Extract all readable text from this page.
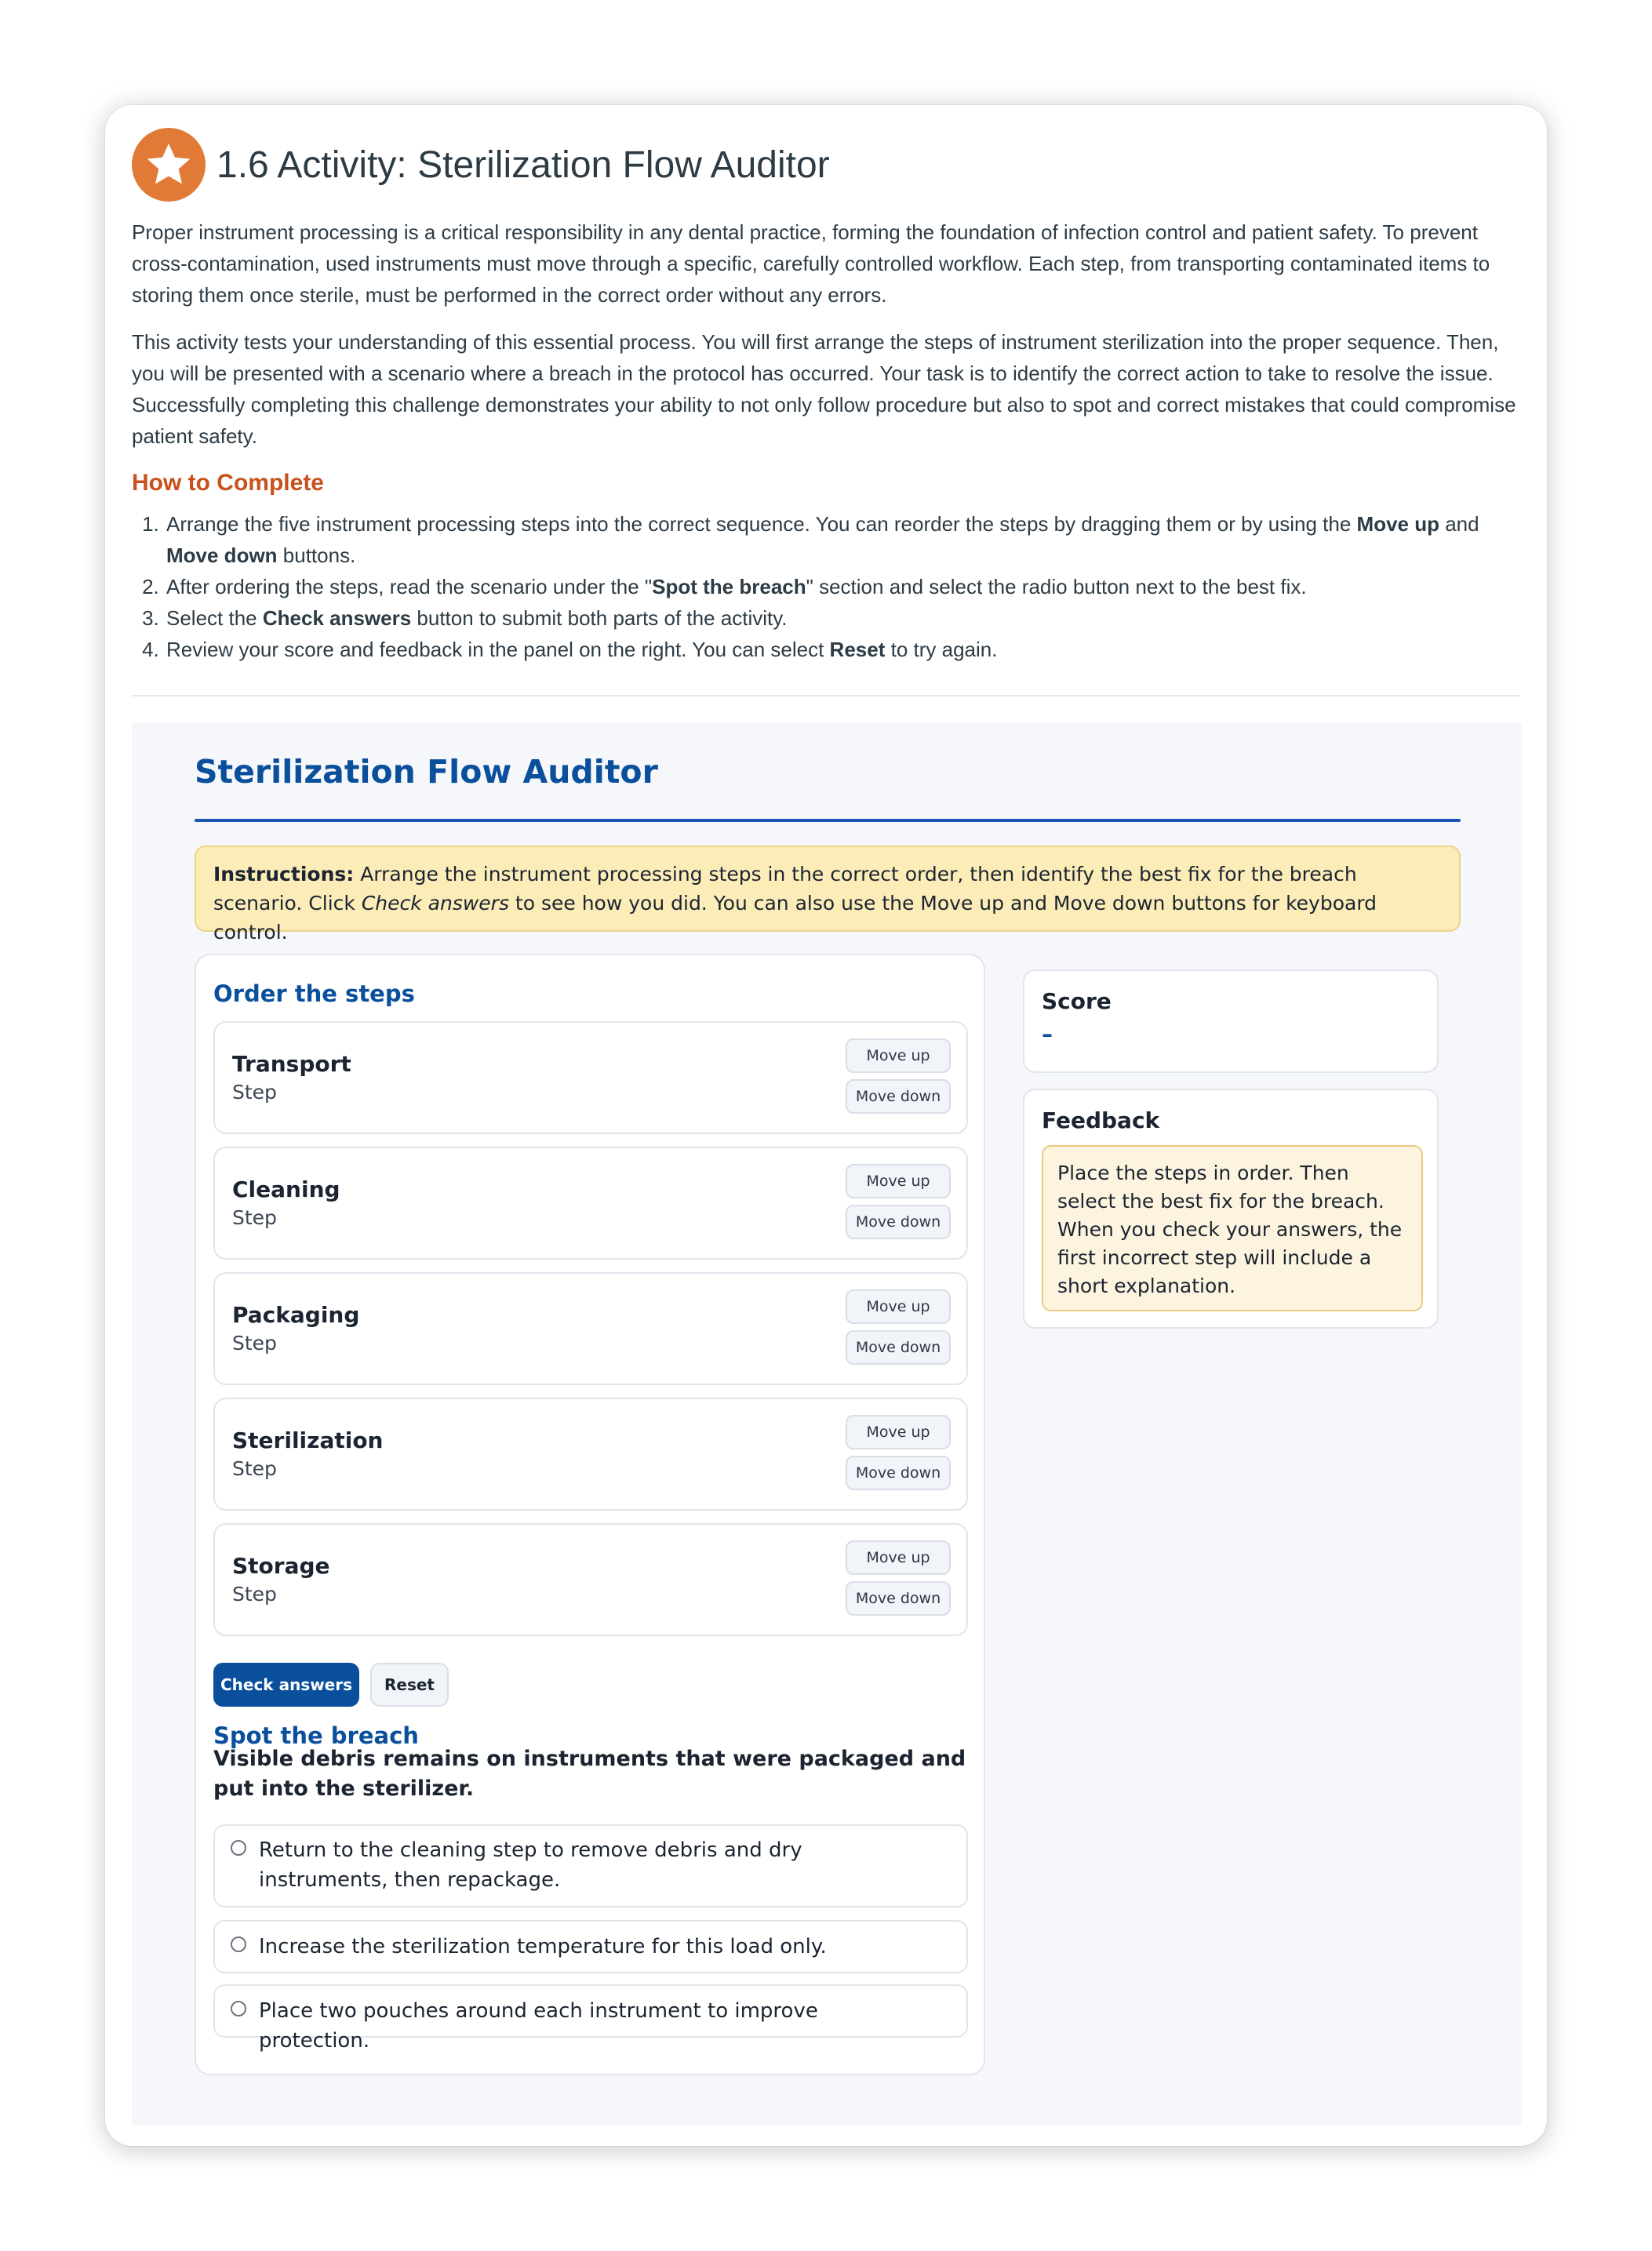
1.6 Activity: Sterilization Flow Auditor

Proper instrument processing is a critical responsibility in any dental practice, forming the foundation of infection control and patient safety. To prevent cross-contamination, used instruments must move through a specific, carefully controlled workflow. Each step, from transporting contaminated items to storing them once sterile, must be performed in the correct order without any errors.

This activity tests your understanding of this essential process. You will first arrange the steps of instrument sterilization into the proper sequence. Then, you will be presented with a scenario where a breach in the protocol has occurred. Your task is to identify the correct action to take to resolve the issue. Successfully completing this challenge demonstrates your ability to not only follow procedure but also to spot and correct mistakes that could compromise patient safety.

How to Complete
1. Arrange the five instrument processing steps into the correct sequence. You can reorder the steps by dragging them or by using the Move up and Move down buttons.
2. After ordering the steps, read the scenario under the "Spot the breach" section and select the radio button next to the best fix.
3. Select the Check answers button to submit both parts of the activity.
4. Review your score and feedback in the panel on the right. You can select Reset to try again.
Sterilization Flow Auditor
Instructions: Arrange the instrument processing steps in the correct order, then identify the best fix for the breach scenario. Click Check answers to see how you did. You can also use the Move up and Move down buttons for keyboard control.
Order the steps
Transport
Step
Move up
Move down
Cleaning
Step
Move up
Move down
Packaging
Step
Move up
Move down
Sterilization
Step
Move up
Move down
Storage
Step
Move up
Move down
Check answers	Reset
Spot the breach
Visible debris remains on instruments that were packaged and put into the sterilizer.
Return to the cleaning step to remove debris and dry instruments, then repackage.
Increase the sterilization temperature for this load only.
Place two pouches around each instrument to improve protection.
Score
–
Feedback
Place the steps in order. Then select the best fix for the breach. When you check your answers, the first incorrect step will include a short explanation.
